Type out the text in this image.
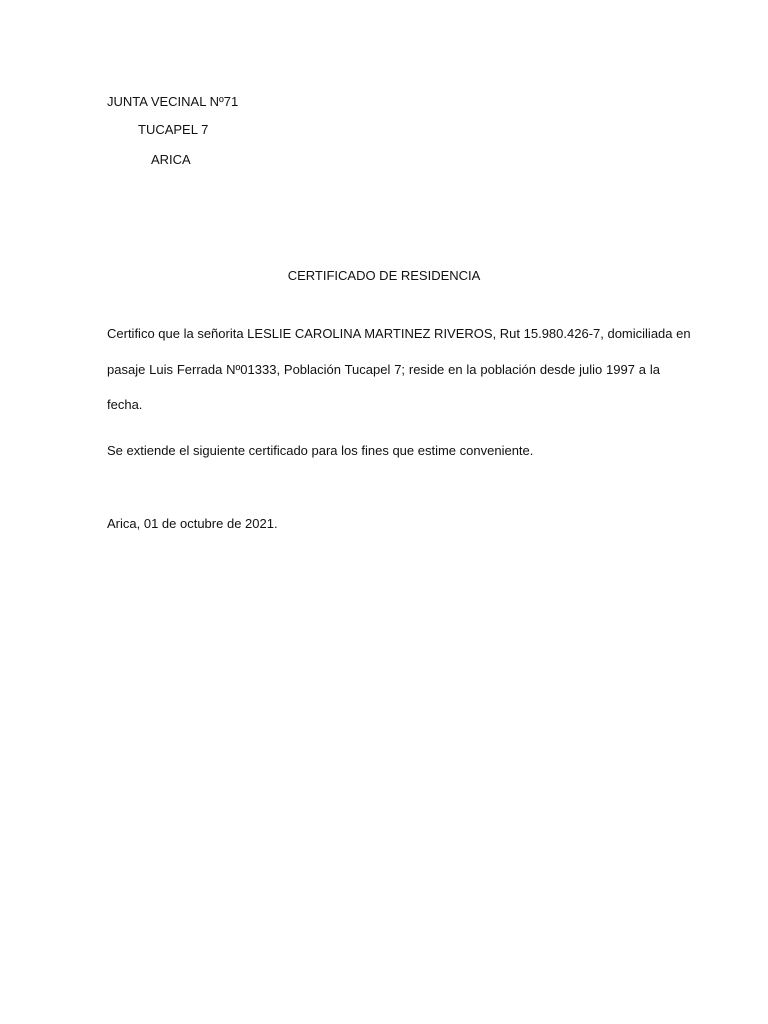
JUNTA VECINAL Nº71
TUCAPEL 7
ARICA
CERTIFICADO DE RESIDENCIA
Certifico que la señorita LESLIE CAROLINA MARTINEZ RIVEROS, Rut 15.980.426-7, domiciliada en
pasaje Luis Ferrada Nº01333, Población Tucapel 7; reside en la población desde julio 1997 a la
fecha.
Se extiende el siguiente certificado para los fines que estime conveniente.
Arica, 01 de octubre de 2021.
